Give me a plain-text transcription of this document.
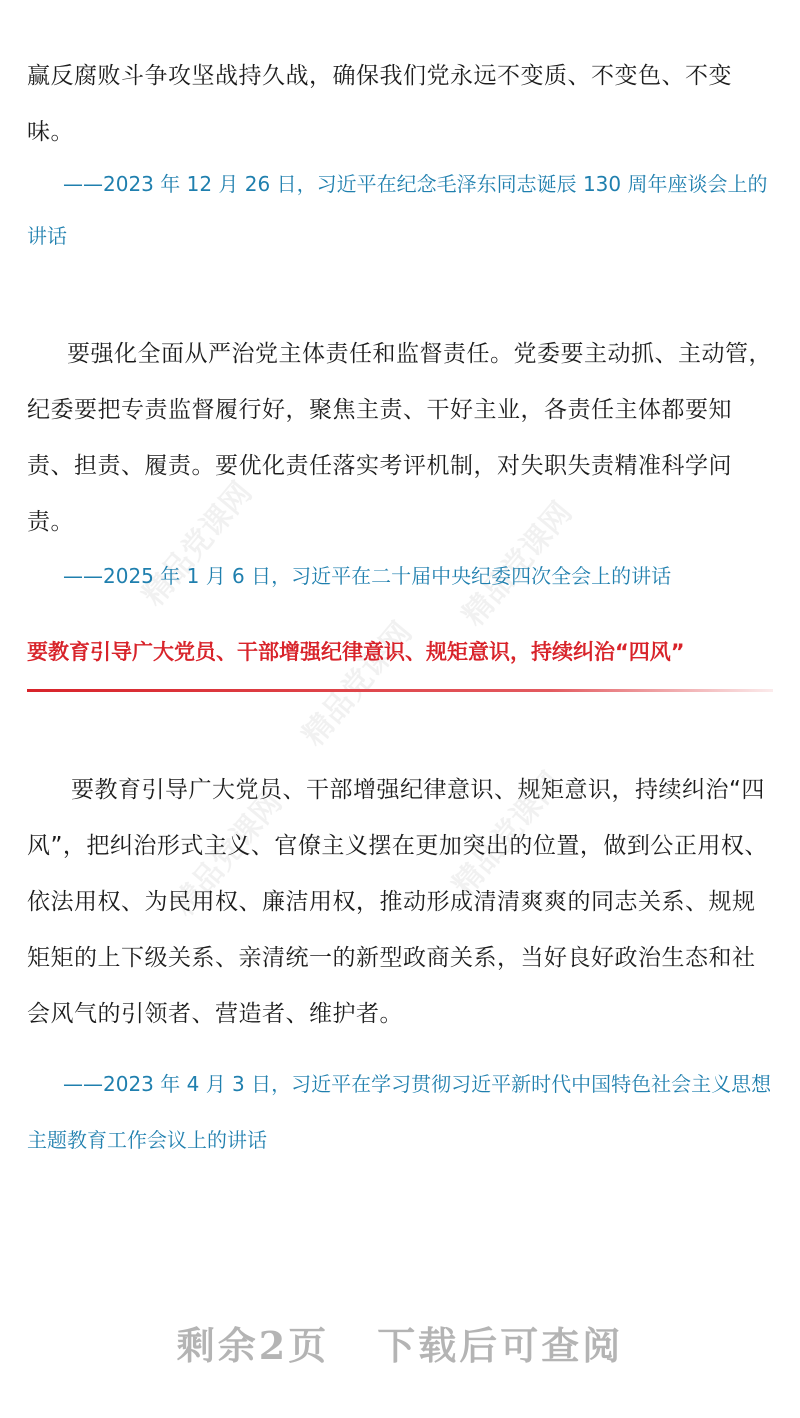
精品党课网	精品党课网
精品党课网
精品党课网
精品党课网

赢反腐败斗争攻坚战持久战，确保我们党永远不变质、不变色、不变味。

——2023 年 12 月 26 日，习近平在纪念毛泽东同志诞辰 130 周年座谈会上的讲话

要强化全面从严治党主体责任和监督责任。党委要主动抓、主动管，纪委要把专责监督履行好，聚焦主责、干好主业，各责任主体都要知责、担责、履责。要优化责任落实考评机制，对失职失责精准科学问责。

——2025 年 1 月 6 日，习近平在二十届中央纪委四次全会上的讲话

要教育引导广大党员、干部增强纪律意识、规矩意识，持续纠治“四风”

要教育引导广大党员、干部增强纪律意识、规矩意识，持续纠治“四风”，把纠治形式主义、官僚主义摆在更加突出的位置，做到公正用权、依法用权、为民用权、廉洁用权，推动形成清清爽爽的同志关系、规规矩矩的上下级关系、亲清统一的新型政商关系，当好良好政治生态和社会风气的引领者、营造者、维护者。

——2023 年 4 月 3 日，习近平在学习贯彻习近平新时代中国特色社会主义思想主题教育工作会议上的讲话

剩余2页 下载后可查阅
